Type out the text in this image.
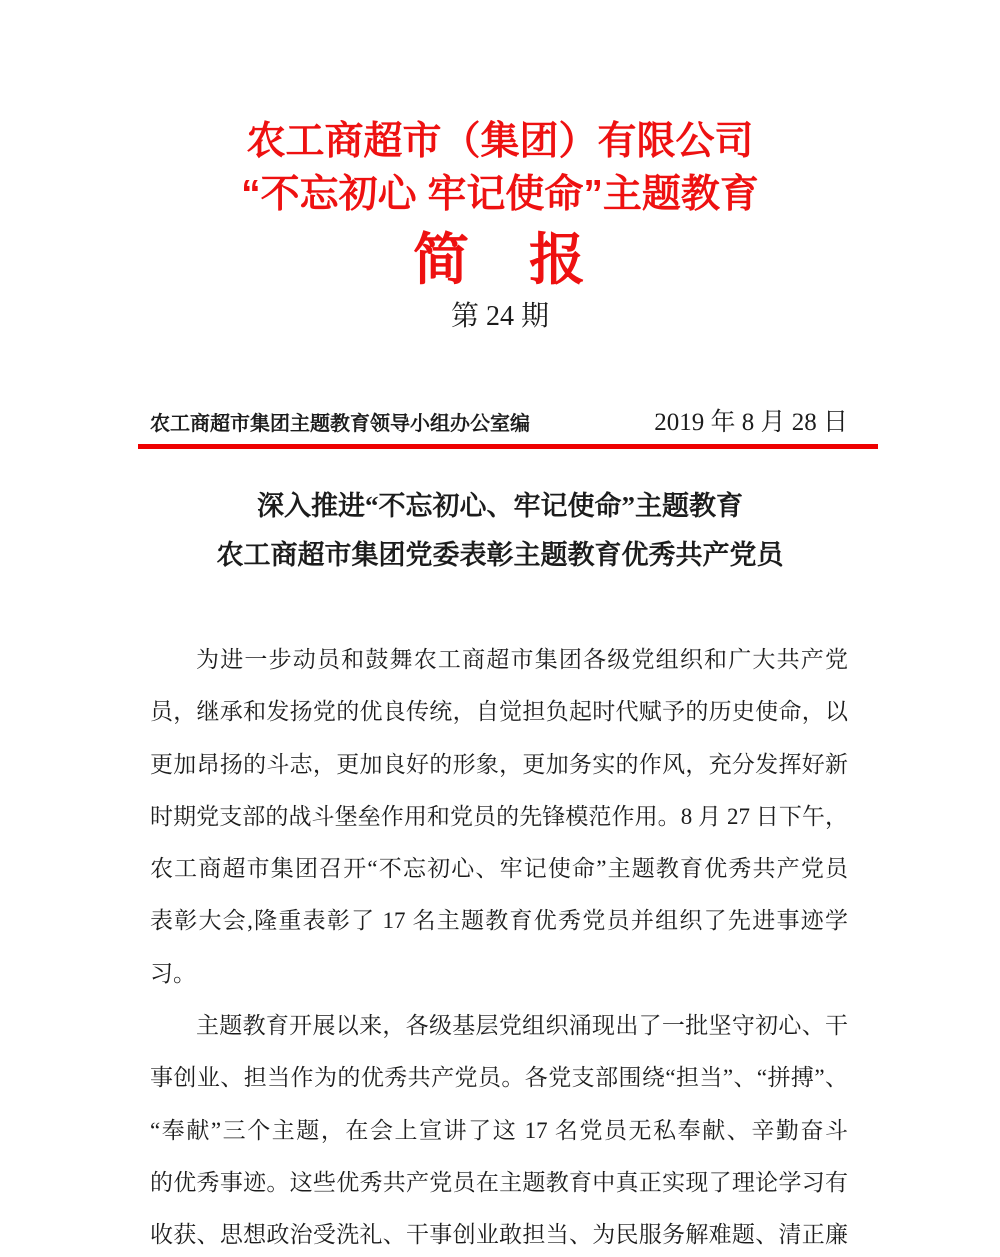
农工商超市（集团）有限公司
“不忘初心 牢记使命”主题教育
简　报
第 24 期
农工商超市集团主题教育领导小组办公室编	2019 年 8 月 28 日
深入推进“不忘初心、牢记使命”主题教育
农工商超市集团党委表彰主题教育优秀共产党员
为进一步动员和鼓舞农工商超市集团各级党组织和广大共产党
员，继承和发扬党的优良传统，自觉担负起时代赋予的历史使命，以
更加昂扬的斗志，更加良好的形象，更加务实的作风，充分发挥好新
时期党支部的战斗堡垒作用和党员的先锋模范作用。8 月 27 日下午，
农工商超市集团召开“不忘初心、牢记使命”主题教育优秀共产党员
表彰大会,隆重表彰了 17 名主题教育优秀党员并组织了先进事迹学
习。
主题教育开展以来，各级基层党组织涌现出了一批坚守初心、干
事创业、担当作为的优秀共产党员。各党支部围绕“担当”、“拼搏”、
“奉献”三个主题，在会上宣讲了这 17 名党员无私奉献、辛勤奋斗
的优秀事迹。这些优秀共产党员在主题教育中真正实现了理论学习有
收获、思想政治受洗礼、干事创业敢担当、为民服务解难题、清正廉
